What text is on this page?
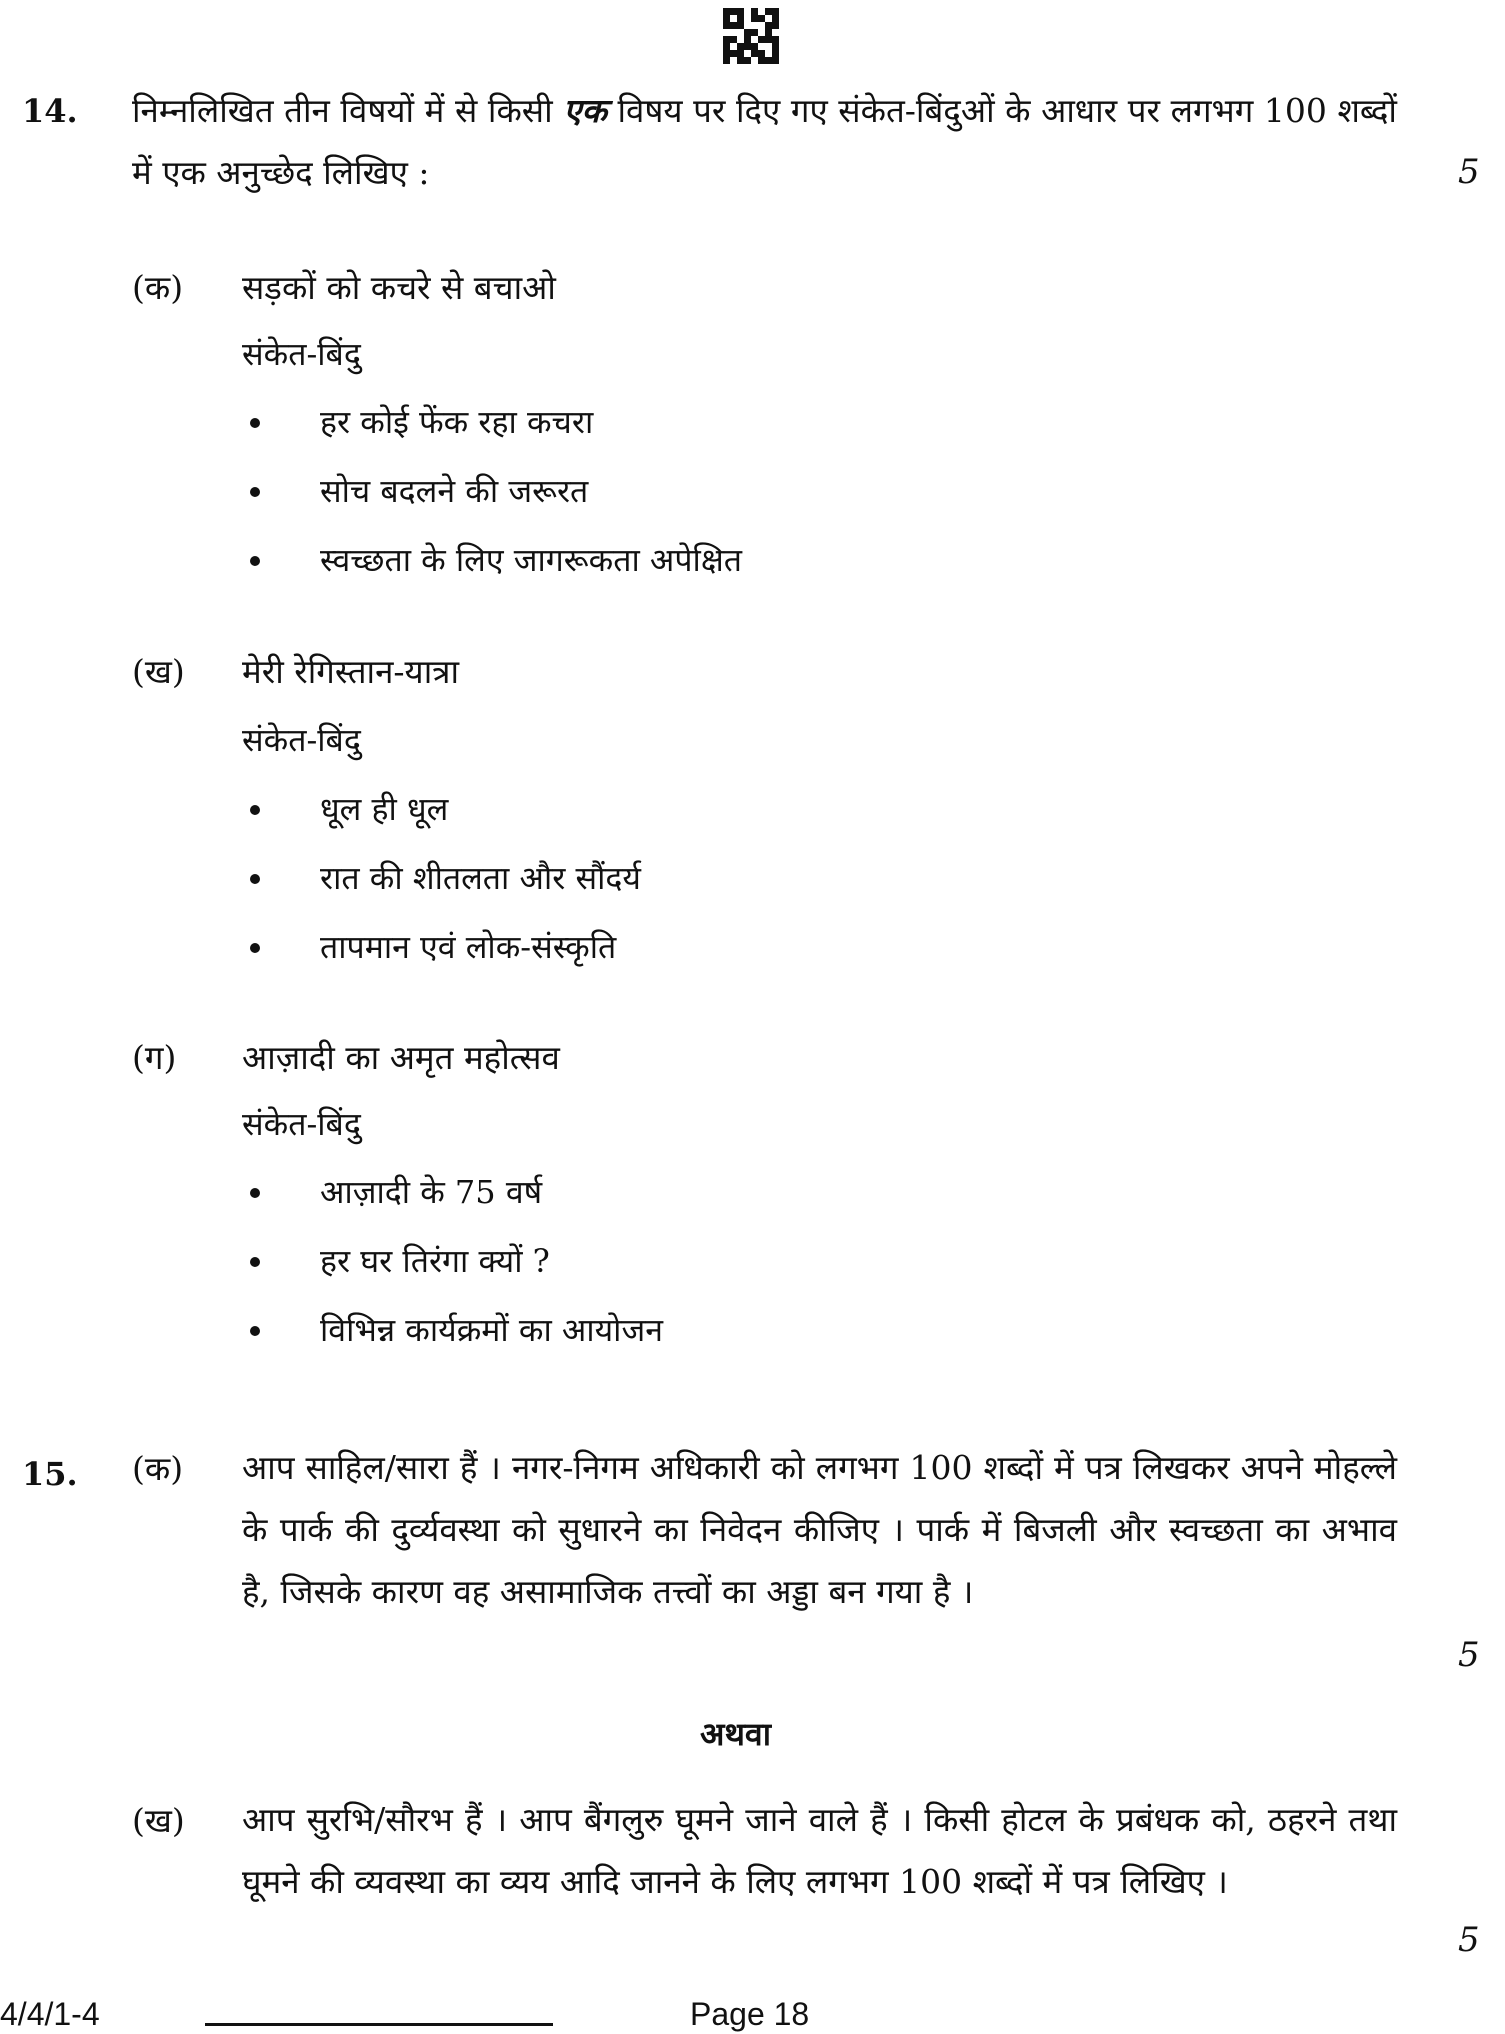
14. निम्नलिखित तीन विषयों में से किसी एक विषय पर दिए गए संकेत-बिंदुओं के आधार पर लगभग 100 शब्दों में एक अनुच्छेद लिखिए :	5
(क) सड़कों को कचरे से बचाओ
संकेत-बिंदु
हर कोई फेंक रहा कचरा
सोच बदलने की जरूरत
स्वच्छता के लिए जागरूकता अपेक्षित
(ख) मेरी रेगिस्तान-यात्रा
संकेत-बिंदु
धूल ही धूल
रात की शीतलता और सौंदर्य
तापमान एवं लोक-संस्कृति
(ग) आज़ादी का अमृत महोत्सव
संकेत-बिंदु
आज़ादी के 75 वर्ष
हर घर तिरंगा क्यों ?
विभिन्न कार्यक्रमों का आयोजन
15. (क) आप साहिल/सारा हैं । नगर-निगम अधिकारी को लगभग 100 शब्दों में पत्र लिखकर अपने मोहल्ले के पार्क की दुर्व्यवस्था को सुधारने का निवेदन कीजिए । पार्क में बिजली और स्वच्छता का अभाव है, जिसके कारण वह असामाजिक तत्त्वों का अड्डा बन गया है ।
5
अथवा
(ख) आप सुरभि/सौरभ हैं । आप बैंगलुरु घूमने जाने वाले हैं । किसी होटल के प्रबंधक को, ठहरने तथा घूमने की व्यवस्था का व्यय आदि जानने के लिए लगभग 100 शब्दों में पत्र लिखिए ।
5
4/4/1-4	Page 18
